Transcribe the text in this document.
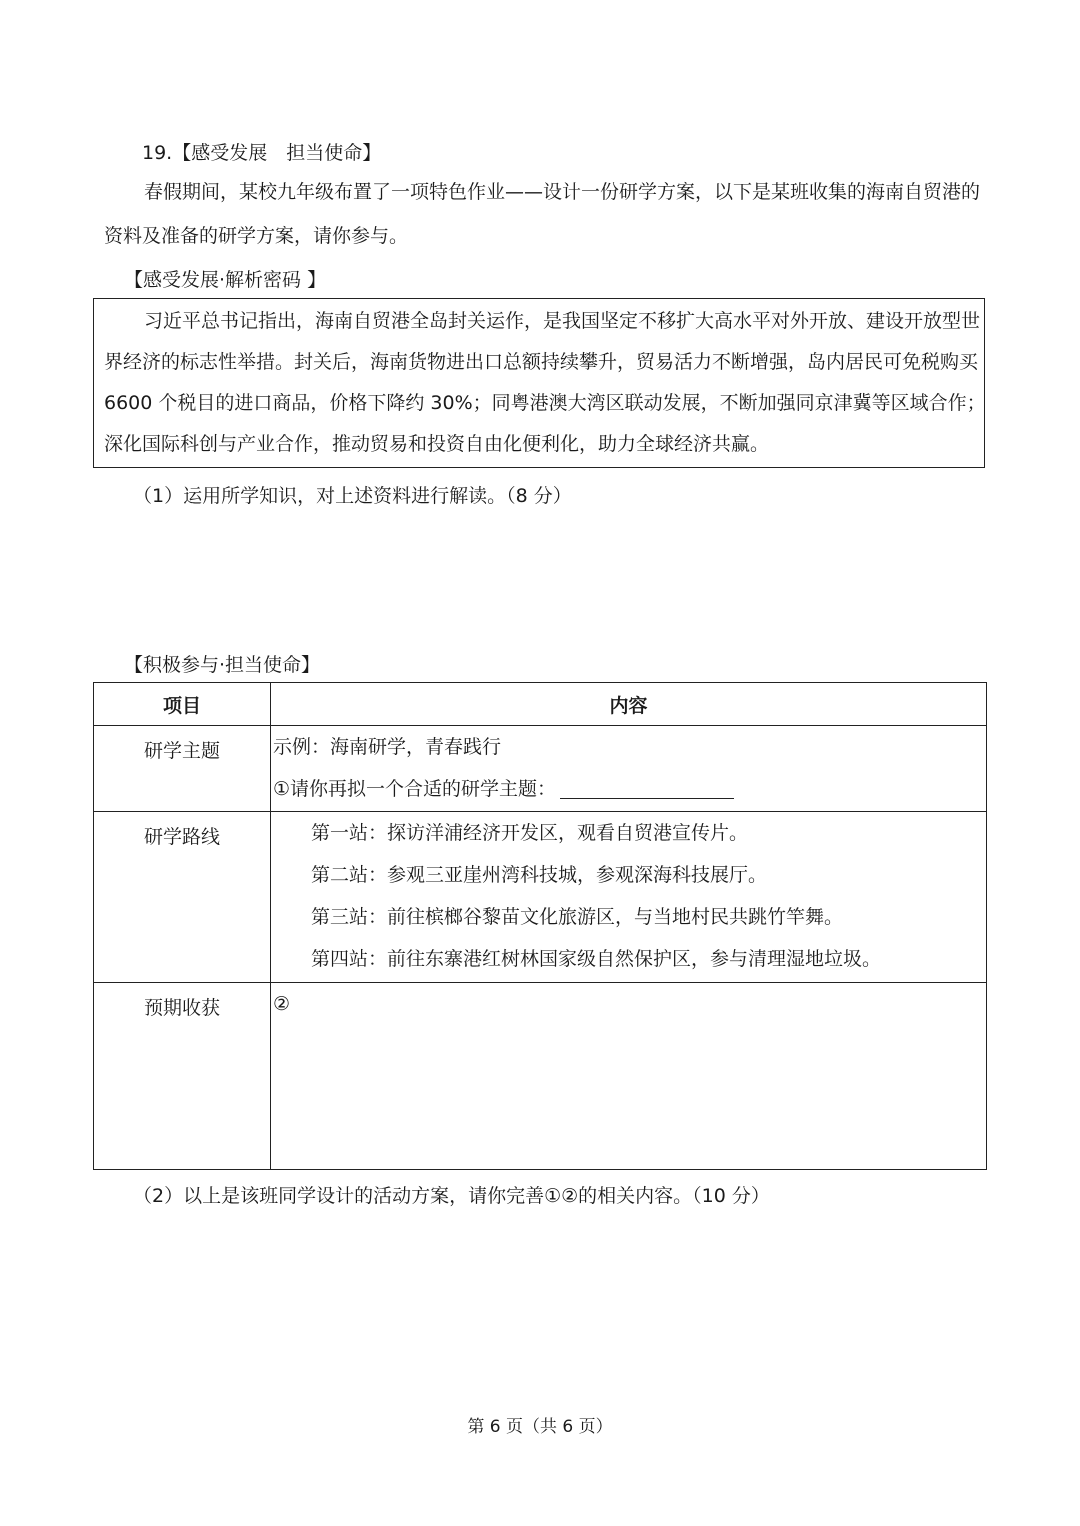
19.【感受发展　担当使命】
春假期间，某校九年级布置了一项特色作业——设计一份研学方案，以下是某班收集的海南自贸港的
资料及准备的研学方案，请你参与。
【感受发展·解析密码 】
习近平总书记指出，海南自贸港全岛封关运作，是我国坚定不移扩大高水平对外开放、建设开放型世
界经济的标志性举措。封关后，海南货物进出口总额持续攀升，贸易活力不断增强，岛内居民可免税购买
6600 个税目的进口商品，价格下降约 30%；同粤港澳大湾区联动发展，不断加强同京津冀等区域合作；
深化国际科创与产业合作，推动贸易和投资自由化便利化，助力全球经济共赢。
（1）运用所学知识，对上述资料进行解读。（8 分）
【积极参与·担当使命】
项目	内容
研学主题	示例：海南研学，青春践行
①请你再拟一个合适的研学主题：

研学路线	第一站：探访洋浦经济开发区，观看自贸港宣传片。
第二站：参观三亚崖州湾科技城，参观深海科技展厅。
第三站：前往槟榔谷黎苗文化旅游区，与当地村民共跳竹竿舞。
第四站：前往东寨港红树林国家级自然保护区，参与清理湿地垃圾。

预期收获	②
（2）以上是该班同学设计的活动方案，请你完善①②的相关内容。（10 分）
第 6 页（共 6 页）
